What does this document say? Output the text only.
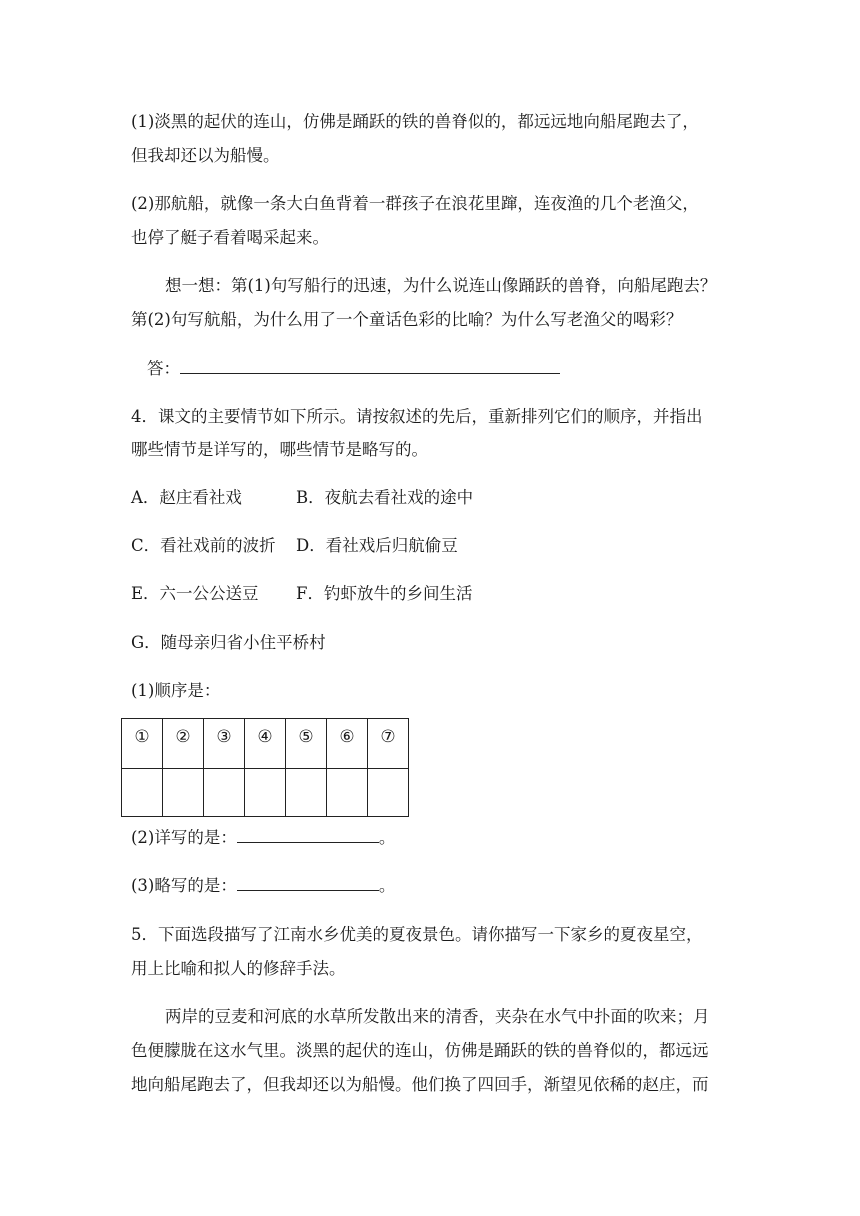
(1)淡黑的起伏的连山，仿佛是踊跃的铁的兽脊似的，都远远地向船尾跑去了，
但我却还以为船慢。
(2)那航船，就像一条大白鱼背着一群孩子在浪花里蹿，连夜渔的几个老渔父，
也停了艇子看着喝采起来。
想一想：第(1)句写船行的迅速，为什么说连山像踊跃的兽脊，向船尾跑去？
第(2)句写航船，为什么用了一个童话色彩的比喻？为什么写老渔父的喝彩？
答：
4．课文的主要情节如下所示。请按叙述的先后，重新排列它们的顺序，并指出
哪些情节是详写的，哪些情节是略写的。
A．赵庄看社戏	B．夜航去看社戏的途中
C．看社戏前的波折 D．看社戏后归航偷豆
E．六一公公送豆 F．钓虾放牛的乡间生活
G．随母亲归省小住平桥村
(1)顺序是：
①	②	③	④	⑤	⑥	⑦

(2)详写的是：	。
(3)略写的是：	。
5．下面选段描写了江南水乡优美的夏夜景色。请你描写一下家乡的夏夜星空，
用上比喻和拟人的修辞手法。
两岸的豆麦和河底的水草所发散出来的清香，夹杂在水气中扑面的吹来；月
色便朦胧在这水气里。淡黑的起伏的连山，仿佛是踊跃的铁的兽脊似的，都远远
地向船尾跑去了，但我却还以为船慢。他们换了四回手，渐望见依稀的赵庄，而
